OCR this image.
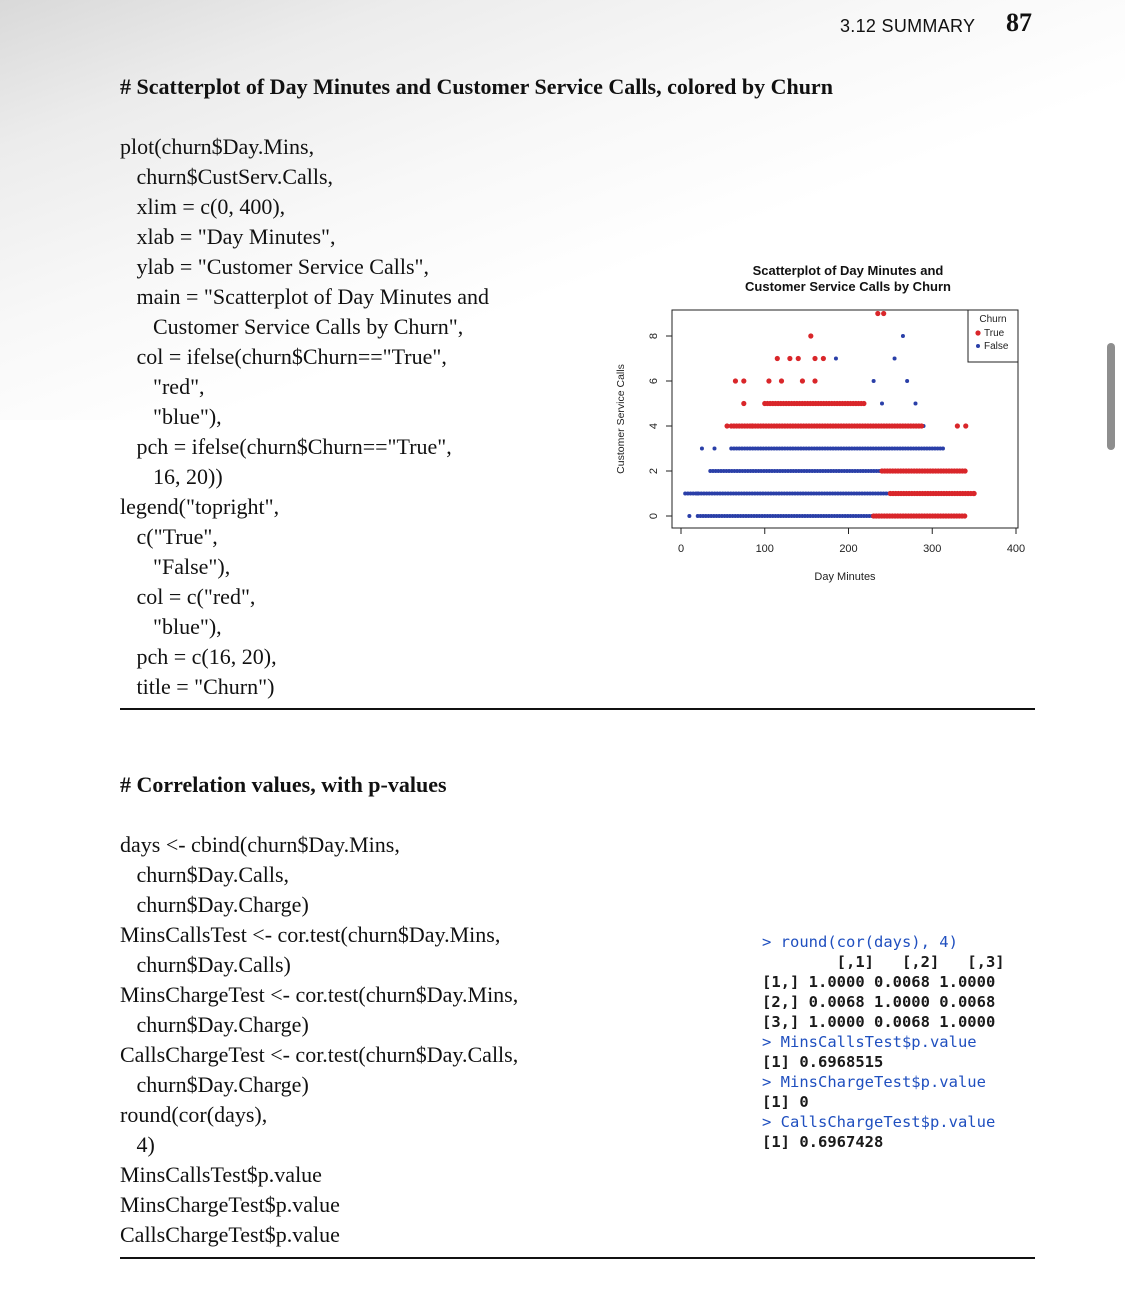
3.12 SUMMARY 87
# Scatterplot of Day Minutes and Customer Service Calls, colored by Churn
plot(churn$Day.Mins,
churn$CustServ.Calls,
xlim = c(0, 400),
xlab = "Day Minutes",
ylab = "Customer Service Calls",
main = "Scatterplot of Day Minutes and
Customer Service Calls by Churn",
col = ifelse(churn$Churn=="True",
"red",
"blue"),
pch = ifelse(churn$Churn=="True",
16, 20))
legend("topright",
c("True",
"False"),
col = c("red",
"blue"),
pch = c(16, 20),
title = "Churn")
Scatterplot of Day Minutes and
Customer Service Calls by Churn
0	100	200	300	400
0
2
4
6
8
Day Minutes
Customer Service Calls
Churn
True
False
# Correlation values, with p-values
days <- cbind(churn$Day.Mins,
churn$Day.Calls,
churn$Day.Charge)
MinsCallsTest <- cor.test(churn$Day.Mins,
churn$Day.Calls)
MinsChargeTest <- cor.test(churn$Day.Mins,
churn$Day.Charge)
CallsChargeTest <- cor.test(churn$Day.Calls,
churn$Day.Charge)
round(cor(days),
4)
MinsCallsTest$p.value
MinsChargeTest$p.value
CallsChargeTest$p.value
> round(cor(days), 4)
[,1]   [,2]   [,3]
[1,] 1.0000 0.0068 1.0000
[2,] 0.0068 1.0000 0.0068
[3,] 1.0000 0.0068 1.0000
> MinsCallsTest$p.value
[1] 0.6968515
> MinsChargeTest$p.value
[1] 0
> CallsChargeTest$p.value
[1] 0.6967428
